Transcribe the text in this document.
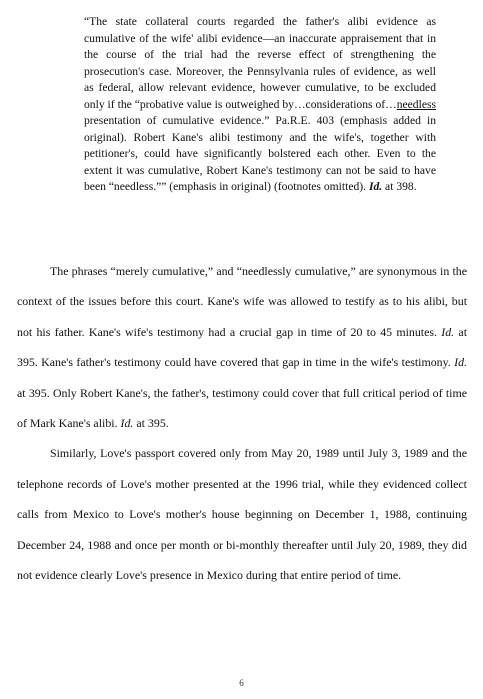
“The state collateral courts regarded the father's alibi evidence as cumulative of the wife' alibi evidence—an inaccurate appraisement that in the course of the trial had the reverse effect of strengthening the prosecution's case. Moreover, the Pennsylvania rules of evidence, as well as federal, allow relevant evidence, however cumulative, to be excluded only if the “probative value is outweighed by…considerations of…needless presentation of cumulative evidence.” Pa.R.E. 403 (emphasis added in original). Robert Kane's alibi testimony and the wife's, together with petitioner's, could have significantly bolstered each other. Even to the extent it was cumulative, Robert Kane's testimony can not be said to have been “needless.”” (emphasis in original) (footnotes omitted). Id. at 398.

The phrases “merely cumulative,” and “needlessly cumulative,” are synonymous in the context of the issues before this court. Kane's wife was allowed to testify as to his alibi, but not his father. Kane's wife's testimony had a crucial gap in time of 20 to 45 minutes. Id. at 395. Kane's father's testimony could have covered that gap in time in the wife's testimony. Id. at 395. Only Robert Kane's, the father's, testimony could cover that full critical period of time of Mark Kane's alibi. Id. at 395.

Similarly, Love's passport covered only from May 20, 1989 until July 3, 1989 and the telephone records of Love's mother presented at the 1996 trial, while they evidenced collect calls from Mexico to Love's mother's house beginning on December 1, 1988, continuing December 24, 1988 and once per month or bi-monthly thereafter until July 20, 1989, they did not evidence clearly Love's presence in Mexico during that entire period of time.

6
